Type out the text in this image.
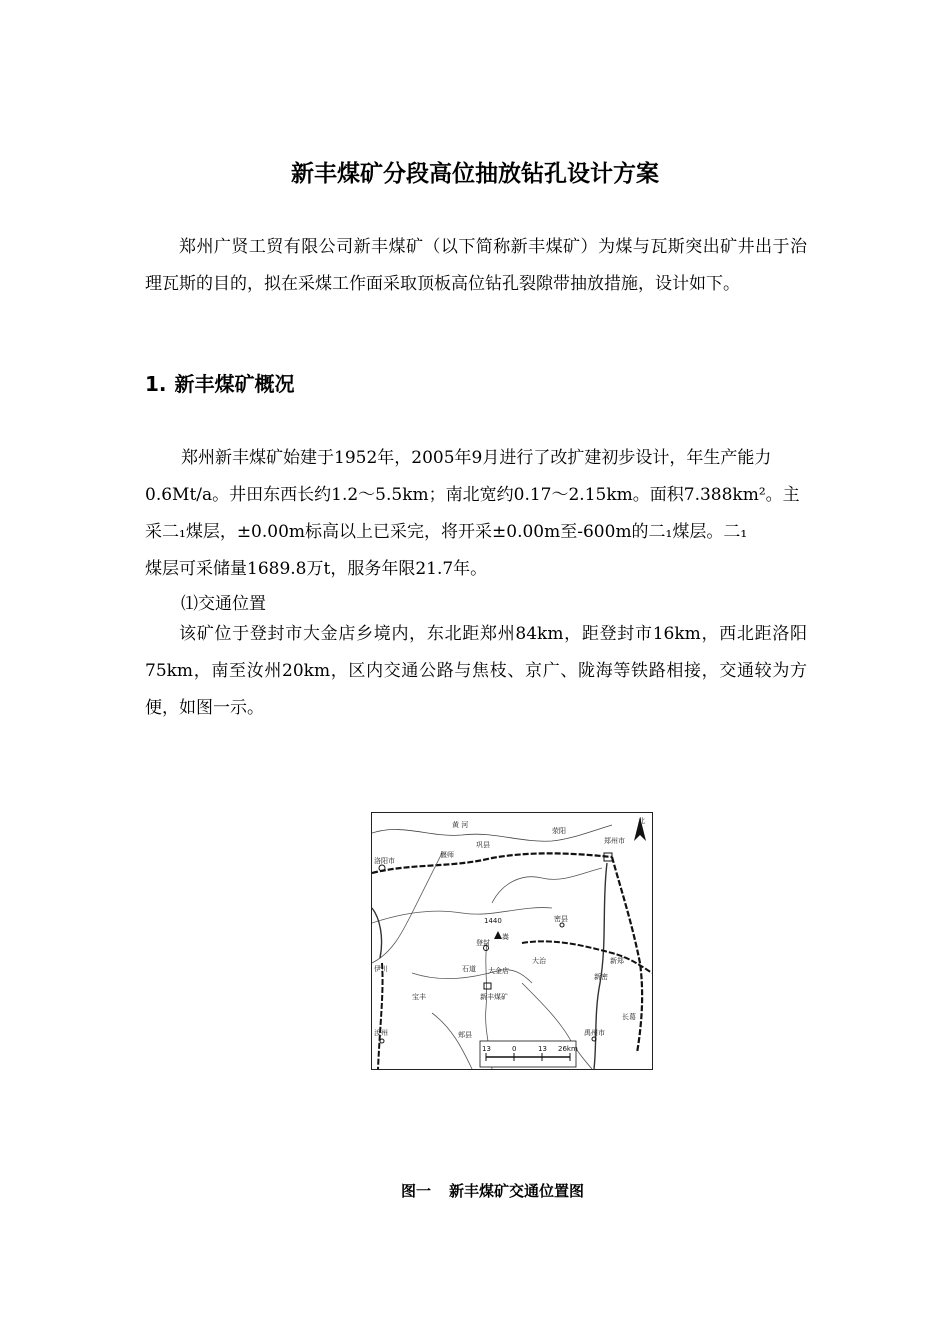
新丰煤矿分段高位抽放钻孔设计方案
郑州广贤工贸有限公司新丰煤矿（以下简称新丰煤矿）为煤与瓦斯突出矿井出于治理瓦斯的目的，拟在采煤工作面采取顶板高位钻孔裂隙带抽放措施，设计如下。
1. 新丰煤矿概况
郑州新丰煤矿始建于1952年，2005年9月进行了改扩建初步设计，年生产能力
0.6Mt/a。井田东西长约1.2～5.5km；南北宽约0.17～2.15km。面积7.388km²。主
采二₁煤层，±0.00m标高以上已采完，将开采±0.00m至-600m的二₁煤层。二₁
煤层可采储量1689.8万t，服务年限21.7年。
⑴交通位置
该矿位于登封市大金店乡境内，东北距郑州84km，距登封市16km，西北距洛阳75km，南至汝州20km，区内交通公路与焦枝、京广、陇海等铁路相接，交通较为方便，如图一示。
郑州市
北
洛阳市
黄 河
偃师
巩县
荥阳
登封
嵩
1440
大金店
新丰煤矿
密县
新郑
石道
伊川
汝州	禹州市
长葛
郏县
大治
新密
宝丰
13	0	13 26km
图一 新丰煤矿交通位置图
